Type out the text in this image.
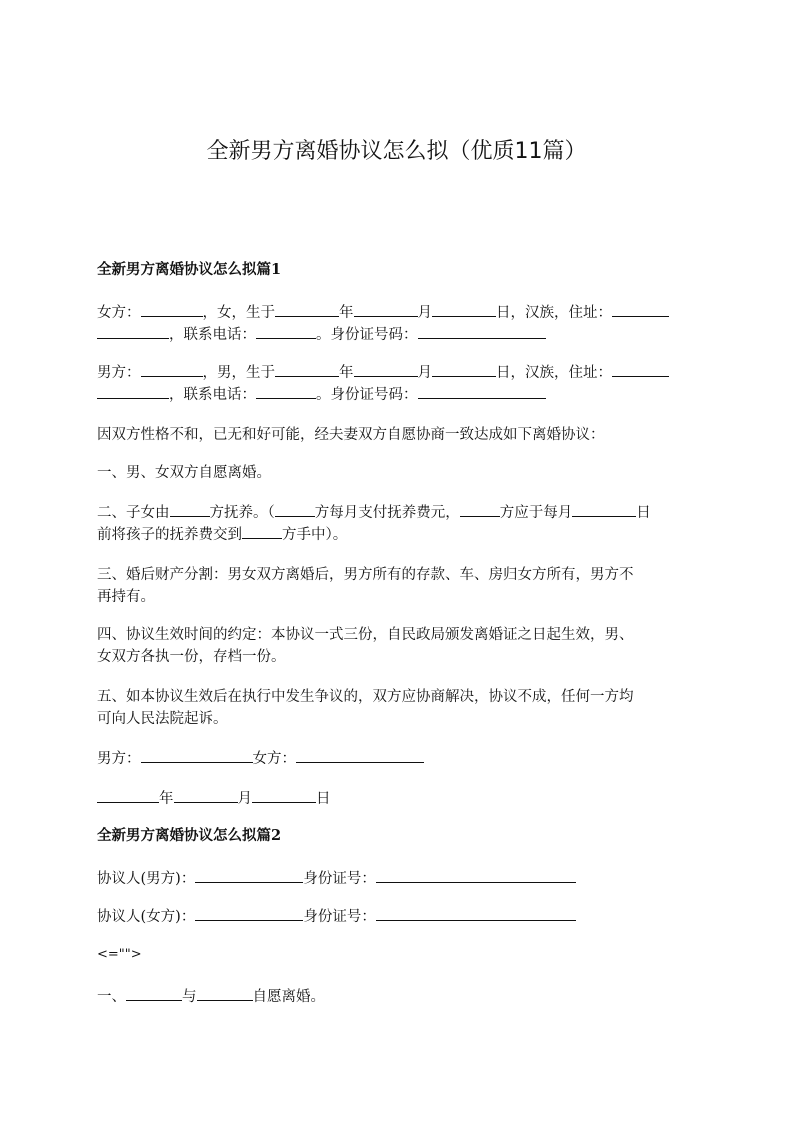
全新男方离婚协议怎么拟（优质11篇）
全新男方离婚协议怎么拟篇1
女方：	，女，生于	年	月	日，汉族，住址：
，联系电话：	。身份证号码：
男方：	，男，生于	年	月	日，汉族，住址：
，联系电话：	。身份证号码：
因双方性格不和，已无和好可能，经夫妻双方自愿协商一致达成如下离婚协议：
一、男、女双方自愿离婚。
二、子女由	方抚养。（	方每月支付抚养费元，	方应于每月	日
前将孩子的抚养费交到	方手中）。
三、婚后财产分割：男女双方离婚后，男方所有的存款、车、房归女方所有，男方不
再持有。
四、协议生效时间的约定：本协议一式三份，自民政局颁发离婚证之日起生效，男、
女双方各执一份，存档一份。
五、如本协议生效后在执行中发生争议的，双方应协商解决，协议不成，任何一方均
可向人民法院起诉。
男方：	女方：
年	月	日
全新男方离婚协议怎么拟篇2
协议人(男方)：	身份证号：
协议人(女方)：	身份证号：
<="">
一、	与	自愿离婚。
